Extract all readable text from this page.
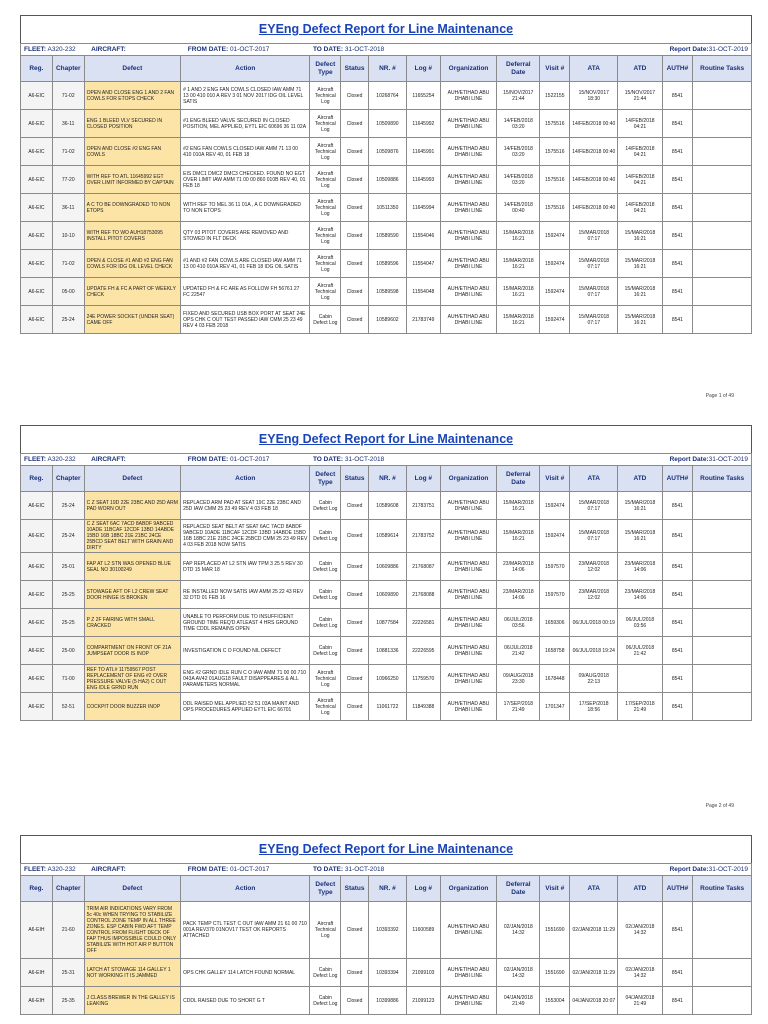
EYEng Defect Report for Line Maintenance
FLEET: A320-232		AIRCRAFT: FROM DATE: 01-OCT-2017		TO DATE: 31-OCT-2018					Report Date:31-OCT-2019					
Reg.	Chapter	Defect	Action	Defect Type	Status	NR. #	Log #	Organization	Deferral Date	Visit #	ATA	ATD	AUTH#	Routine Tasks
A6-EIC	71-02	OPEN AND CLOSE ENG 1 AND 2 FAN COWLS FOR ETOPS CHECK	# 1 AND 2 ENG FAN COWLS CLOSED IAW AMM 71 13 00 410 010 A REV 3 01 NOV 2017 IDG OIL LEVEL SATIS	Aircraft Technical Log	Closed	10268764	11655254	AUH/ETIHAD ABU DHABI LINE	15/NOV/2017 21:44	1522155	15/NOV/2017 18:30	15/NOV/2017 21:44	8541	
A6-EIC	36-11	ENG 1 BLEED VLV SECURED IN CLOSED POSITION	#1 ENG BLEED VALVE SECURED IN CLOSED POSITION, MEL APPLIED, EYTL EIC 60696 36 11 02A	Aircraft Technical Log	Closed	10509890	11645992	AUH/ETIHAD ABU DHABI LINE	14/FEB/2018 03:20	1575516	14/FEB/2018 00:40	14/FEB/2018 04:21	8541	
A6-EIC	71-02	OPEN AND CLOSE #2 ENG FAN COWLS	#2 ENG FAN COWLS CLOSED IAW AMM 71 13 00 410 010A REV 40, 01 FEB 18	Aircraft Technical Log	Closed	10509876	11645991	AUH/ETIHAD ABU DHABI LINE	14/FEB/2018 03:20	1575516	14/FEB/2018 00:40	14/FEB/2018 04:21	8541	
A6-EIC	77-20	WITH REF TO ATL 11645992 EGT OVER LIMIT INFORMED BY CAPTAIN	EIS DMC1 DMC2 DMC3 CHECKED. FOUND NO EGT OVER LIMIT IAW AMM 71 00 00 860 010B REV 40, 01 FEB 18	Aircraft Technical Log	Closed	10509886	11645993	AUH/ETIHAD ABU DHABI LINE	14/FEB/2018 03:20	1575516	14/FEB/2018 00:40	14/FEB/2018 04:21	8541	
A6-EIC	36-11	A C TO BE DOWNGRADED TO NON ETOPS	WITH REF TO MEL 36 11 01A , A C DOWNGRADED TO NON ETOPS	Aircraft Technical Log	Closed	10511350	11645994	AUH/ETIHAD ABU DHABI LINE	14/FEB/2018 00:40	1575516	14/FEB/2018 00:40	14/FEB/2018 04:21	8541	
A6-EIC	10-10	WITH REF TO WO AUH18753095 INSTALL PITOT COVERS	QTY 03 PITOT COVERS ARE REMOVED AND STOWED IN FLT DECK	Aircraft Technical Log	Closed	10589590	11554046	AUH/ETIHAD ABU DHABI LINE	15/MAR/2018 16:21	1592474	15/MAR/2018 07:17	15/MAR/2018 16:21	8541	
A6-EIC	71-02	OPEN & CLOSE #1 AND #2 ENG FAN COWLS FOR IDG OIL LEVEL CHECK	#1 AND #2 FAN COWLS ARE CLOSED IAW AMM 71 13 00 410 010A REV 41, 01 FEB 18 IDG OIL SATIS	Aircraft Technical Log	Closed	10589596	11554047	AUH/ETIHAD ABU DHABI LINE	15/MAR/2018 16:21	1592474	15/MAR/2018 07:17	15/MAR/2018 16:21	8541	
A6-EIC	05-00	UPDATE FH & FC A PART OF WEEKLY CHECK	UPDATED FH & FC ARE AS FOLLOW FH 56761 27 FC 22547	Aircraft Technical Log	Closed	10589598	11554048	AUH/ETIHAD ABU DHABI LINE	15/MAR/2018 16:21	1592474	15/MAR/2018 07:17	15/MAR/2018 16:21	8541	
A6-EIC	25-24	24E POWER SOCKET (UNDER SEAT) CAME OFF	FIXED AND SECURED USB BOX PORT AT SEAT 24E OPS CHK C OUT TEST PASSED IAW CMM 25 23 49 REV 4 03 FEB 2018	Cabin Defect Log	Closed	10589602	21783749	AUH/ETIHAD ABU DHABI LINE	15/MAR/2018 16:21	1592474	15/MAR/2018 07:17	15/MAR/2018 16:21	8541	
Page 1 of 49
EYEng Defect Report for Line Maintenance
FLEET: A320-232		AIRCRAFT: FROM DATE: 01-OCT-2017		TO DATE: 31-OCT-2018					Report Date:31-OCT-2019					
Reg.	Chapter	Defect	Action	Defect Type	Status	NR. #	Log #	Organization	Deferral Date	Visit #	ATA	ATD	AUTH#	Routine Tasks
A6-EIC	25-24	C Z SEAT 19D 22E 23BC AND 25D ARM PAD WORN OUT	REPLACED ARM PAD AT SEAT 19C 22E 23BC AND 25D IAW CMM 25 23 49 REV 4 03 FEB 18	Cabin Defect Log	Closed	10589608	21783751	AUH/ETIHAD ABU DHABI LINE	15/MAR/2018 16:21	1592474	15/MAR/2018 07:17	15/MAR/2018 16:21	8541	
A6-EIC	25-24	C Z SEAT 6AC 7ACD 8ABDF 9ABCED 10ADE 11BCAF 12CDF 13BD 14ABDE 15BD 16B 18BC 21E 21BC 24CE 25BCD SEAT BELT WITH GRAIN AND DIRTY	REPLACED SEAT BELT AT SEAT 6AC 7ACD 8ABDF 9ABCED 10ADE 11BCAF 12CDF 13BD 14ABDE 15BD 16B 18BC 21E 21BC 24CE 25BCD CMM 25 23 49 REV 4 03 FEB 2018 NOW SATIS	Cabin Defect Log	Closed	10589614	21783752	AUH/ETIHAD ABU DHABI LINE	15/MAR/2018 16:21	1592474	15/MAR/2018 07:17	15/MAR/2018 16:21	8541	
A6-EIC	25-01	FAP AT L2 STN WAS OPENED BLUE SEAL NO 30100249	FAP REPLACED AT L2 STN IAW TPM 3 25 5 REV 30 DTD 15 MAR 18	Cabin Defect Log	Closed	10609886	21768087	AUH/ETIHAD ABU DHABI LINE	23/MAR/2018 14:06	1597570	23/MAR/2018 12:02	23/MAR/2018 14:06	8541	
A6-EIC	25-25	STOWAGE AFT OF L2 CREW SEAT DOOR HINGE IS BROKEN	RE INSTALLED NOW SATIS IAW AMM 25 22 43 REV 32 DTD 01 FEB 16	Cabin Defect Log	Closed	10609890	21768088	AUH/ETIHAD ABU DHABI LINE	23/MAR/2018 14:06	1597570	23/MAR/2018 12:02	23/MAR/2018 14:06	8541	
A6-EIC	25-25	P Z 2F FAIRING WITH SMALL CRACKED	UNABLE TO PERFORM DUE TO INSUFFICIENT GROUND TIME REQ'D ATLEAST 4 HRS GROUND TIME CDDL REMAINS OPEN	Cabin Defect Log	Closed	10877584	22226581	AUH/ETIHAD ABU DHABI LINE	06/JUL/2018 03:56	1659306	06/JUL/2018 00:19	06/JUL/2018 03:56	8541	
A6-EIC	25-00	COMPARTMENT ON FRONT OF 21A JUMPSEAT DOOR IS INOP	INVESTIGATION C O FOUND NIL DEFECT	Cabin Defect Log	Closed	10881336	22226595	AUH/ETIHAD ABU DHABI LINE	06/JUL/2018 21:42	1658758	06/JUL/2018 19:24	06/JUL/2018 21:42	8541	
A6-EIC	71-00	REF TO ATL# 11759567 POST REPLACEMENT OF ENG #2 OVER PRESSURE VALVE (5 HA2) C OUT ENG IDLE GRND RUN	ENG #2 GRND IDLE RUN C O IAW AMM 71 00 00 710 043A AV42 01AUG18 FAULT DISAPPEARES & ALL PARAMETERS NORMAL	Aircraft Technical Log	Closed	10966250	11759570	AUH/ETIHAD ABU DHABI LINE	09/AUG/2018 23:30	1678448	09/AUG/2018 22:13		8541	
A6-EIC	52-51	COCKPIT DOOR BUZZER INOP	DDL RAISED MEL APPLIED 52 51 03A MAINT AND OPS PROCEDURES APPLIED EYTL EIC 66701	Aircraft Technical Log	Closed	11061722	11849388	AUH/ETIHAD ABU DHABI LINE	17/SEP/2018 21:49	1701347	17/SEP/2018 18:56	17/SEP/2018 21:49	8541	
Page 2 of 49
EYEng Defect Report for Line Maintenance
FLEET: A320-232		AIRCRAFT: FROM DATE: 01-OCT-2017		TO DATE: 31-OCT-2018					Report Date:31-OCT-2019					
Reg.	Chapter	Defect	Action	Defect Type	Status	NR. #	Log #	Organization	Deferral Date	Visit #	ATA	ATD	AUTH#	Routine Tasks
A6-EIH	21-60	TRIM AIR INDICATIONS VARY FROM 5c 40c WHEN TRYING TO STABILIZE CONTROL ZONE TEMP IN ALL THREE ZONES. ESP CABIN FWD AFT TEMP CONTROL FROM FLIGHT DECK OF FAP THUS IMPOSSIBLE COULD ONLY STABILIZE WITH HOT AIR P BUTTON OFF	PACK TEMP CTL TEST C OUT IAW AMM 21 61 00 710 001A REV370 01NOV17 TEST OK REPORTS ATTACHED	Aircraft Technical Log	Closed	10393392	11600589	AUH/ETIHAD ABU DHABI LINE	02/JAN/2018 14:32	1551690	02/JAN/2018 11:29	02/JAN/2018 14:32	8541	
A6-EIH	25-31	LATCH AT STOWAGE 114 GALLEY 1 NOT WORKING IT IS JAMMED	OPS CHK GALLEY 114 LATCH FOUND NORMAL	Cabin Defect Log	Closed	10393394	21099103	AUH/ETIHAD ABU DHABI LINE	02/JAN/2018 14:32	1551690	02/JAN/2018 11:29	02/JAN/2018 14:32	8541	
A6-EIH	25-35	J CLASS BREWER IN THE GALLEY IS LEAKING	CDDL RAISED DUE TO SHORT G T	Cabin Defect Log	Closed	10399886	21099123	AUH/ETIHAD ABU DHABI LINE	04/JAN/2018 21:49	1553004	04/JAN/2018 20:07	04/JAN/2018 21:49	8541	
